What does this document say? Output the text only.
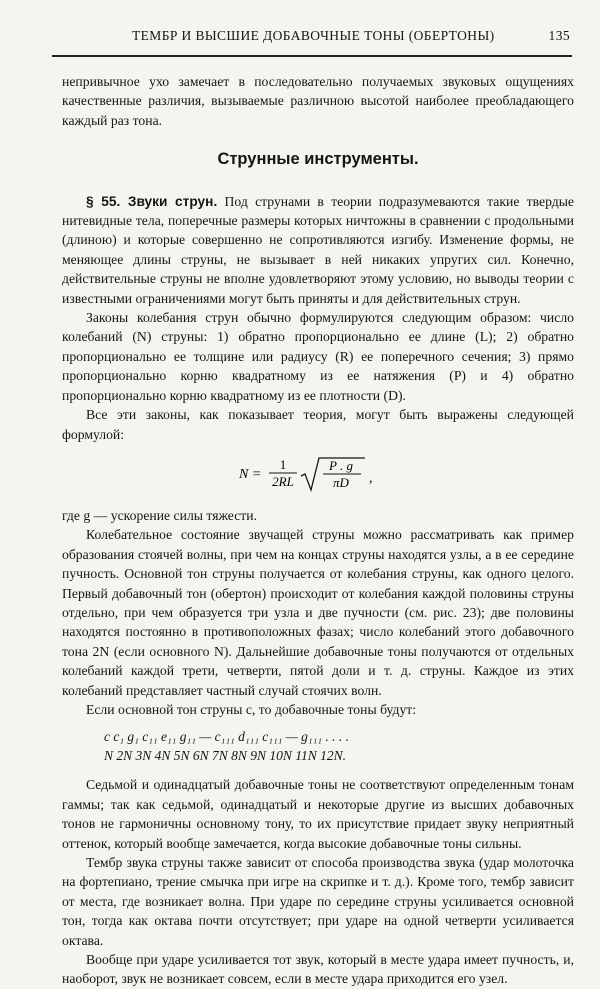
ТЕМБР И ВЫСШИЕ ДОБАВОЧНЫЕ ТОНЫ (ОБЕРТОНЫ)	135

непривычное ухо замечает в последовательно получаемых звуковых ощущениях качественные различия, вызываемые различною высотой наиболее преобладающего каждый раз тона.

Струнные инструменты.

§ 55. Звуки струн. Под струнами в теории подразумеваются такие твердые нитевидные тела, поперечные размеры которых ничтожны в сравнении с продольными (длиною) и которые совершенно не сопротивляются изгибу. Изменение формы, не меняющее длины струны, не вызывает в ней никаких упругих сил. Конечно, действительные струны не вполне удовлетворяют этому условию, но выводы теории с известными ограничениями могут быть приняты и для действительных струн.

Законы колебания струн обычно формулируются следующим образом: число колебаний (N) струны: 1) обратно пропорционально ее длине (L); 2) обратно пропорционально ее толщине или радиусу (R) ее поперечного сечения; 3) прямо пропорционально корню квадратному из ее натяжения (P) и 4) обратно пропорционально корню квадратному из ее плотности (D).

Все эти законы, как показывает теория, могут быть выражены следующей формулой:

N =
1
2RL
P . g
πD ,

где g — ускорение силы тяжести.

Колебательное состояние звучащей струны можно рассматривать как пример образования стоячей волны, при чем на концах струны находятся узлы, а в ее середине пучность. Основной тон струны получается от колебания струны, как одного целого. Первый добавочный тон (обертон) происходит от колебания каждой половины струны отдельно, при чем образуется три узла и две пучности (см. рис. 23); две половины находятся постоянно в противоположных фазах; число колебаний этого добавочного тона 2N (если основного N). Дальнейшие добавочные тоны получаются от отдельных колебаний каждой трети, четверти, пятой доли и т. д. струны. Каждое из этих колебаний представляет частный случай стоячих волн.

Если основной тон струны c, то добавочные тоны будут:

c c₁ g₁ c₁₁ e₁₁ g₁₁ — c₁₁₁ d₁₁₁ c₁₁₁ — g₁₁₁ . . . .
N 2N 3N 4N 5N 6N 7N 8N 9N 10N 11N 12N.

Седьмой и одинадцатый добавочные тоны не соответствуют определенным тонам гаммы; так как седьмой, одинадцатый и некоторые другие из высших добавочных тонов не гармоничны основному тону, то их присутствие придает звуку неприятный оттенок, который вообще замечается, когда высокие добавочные тоны сильны.

Тембр звука струны также зависит от способа производства звука (удар молоточка на фортепиано, трение смычка при игре на скрипке и т. д.). Кроме того, тембр зависит от места, где возникает волна. При ударе по середине струны усиливается основной тон, тогда как октава почти отсутствует; при ударе на одной четверти усиливается октава.

Вообще при ударе усиливается тот звук, который в месте удара имеет пучность, и, наоборот, звук не возникает совсем, если в месте удара приходится его узел.
